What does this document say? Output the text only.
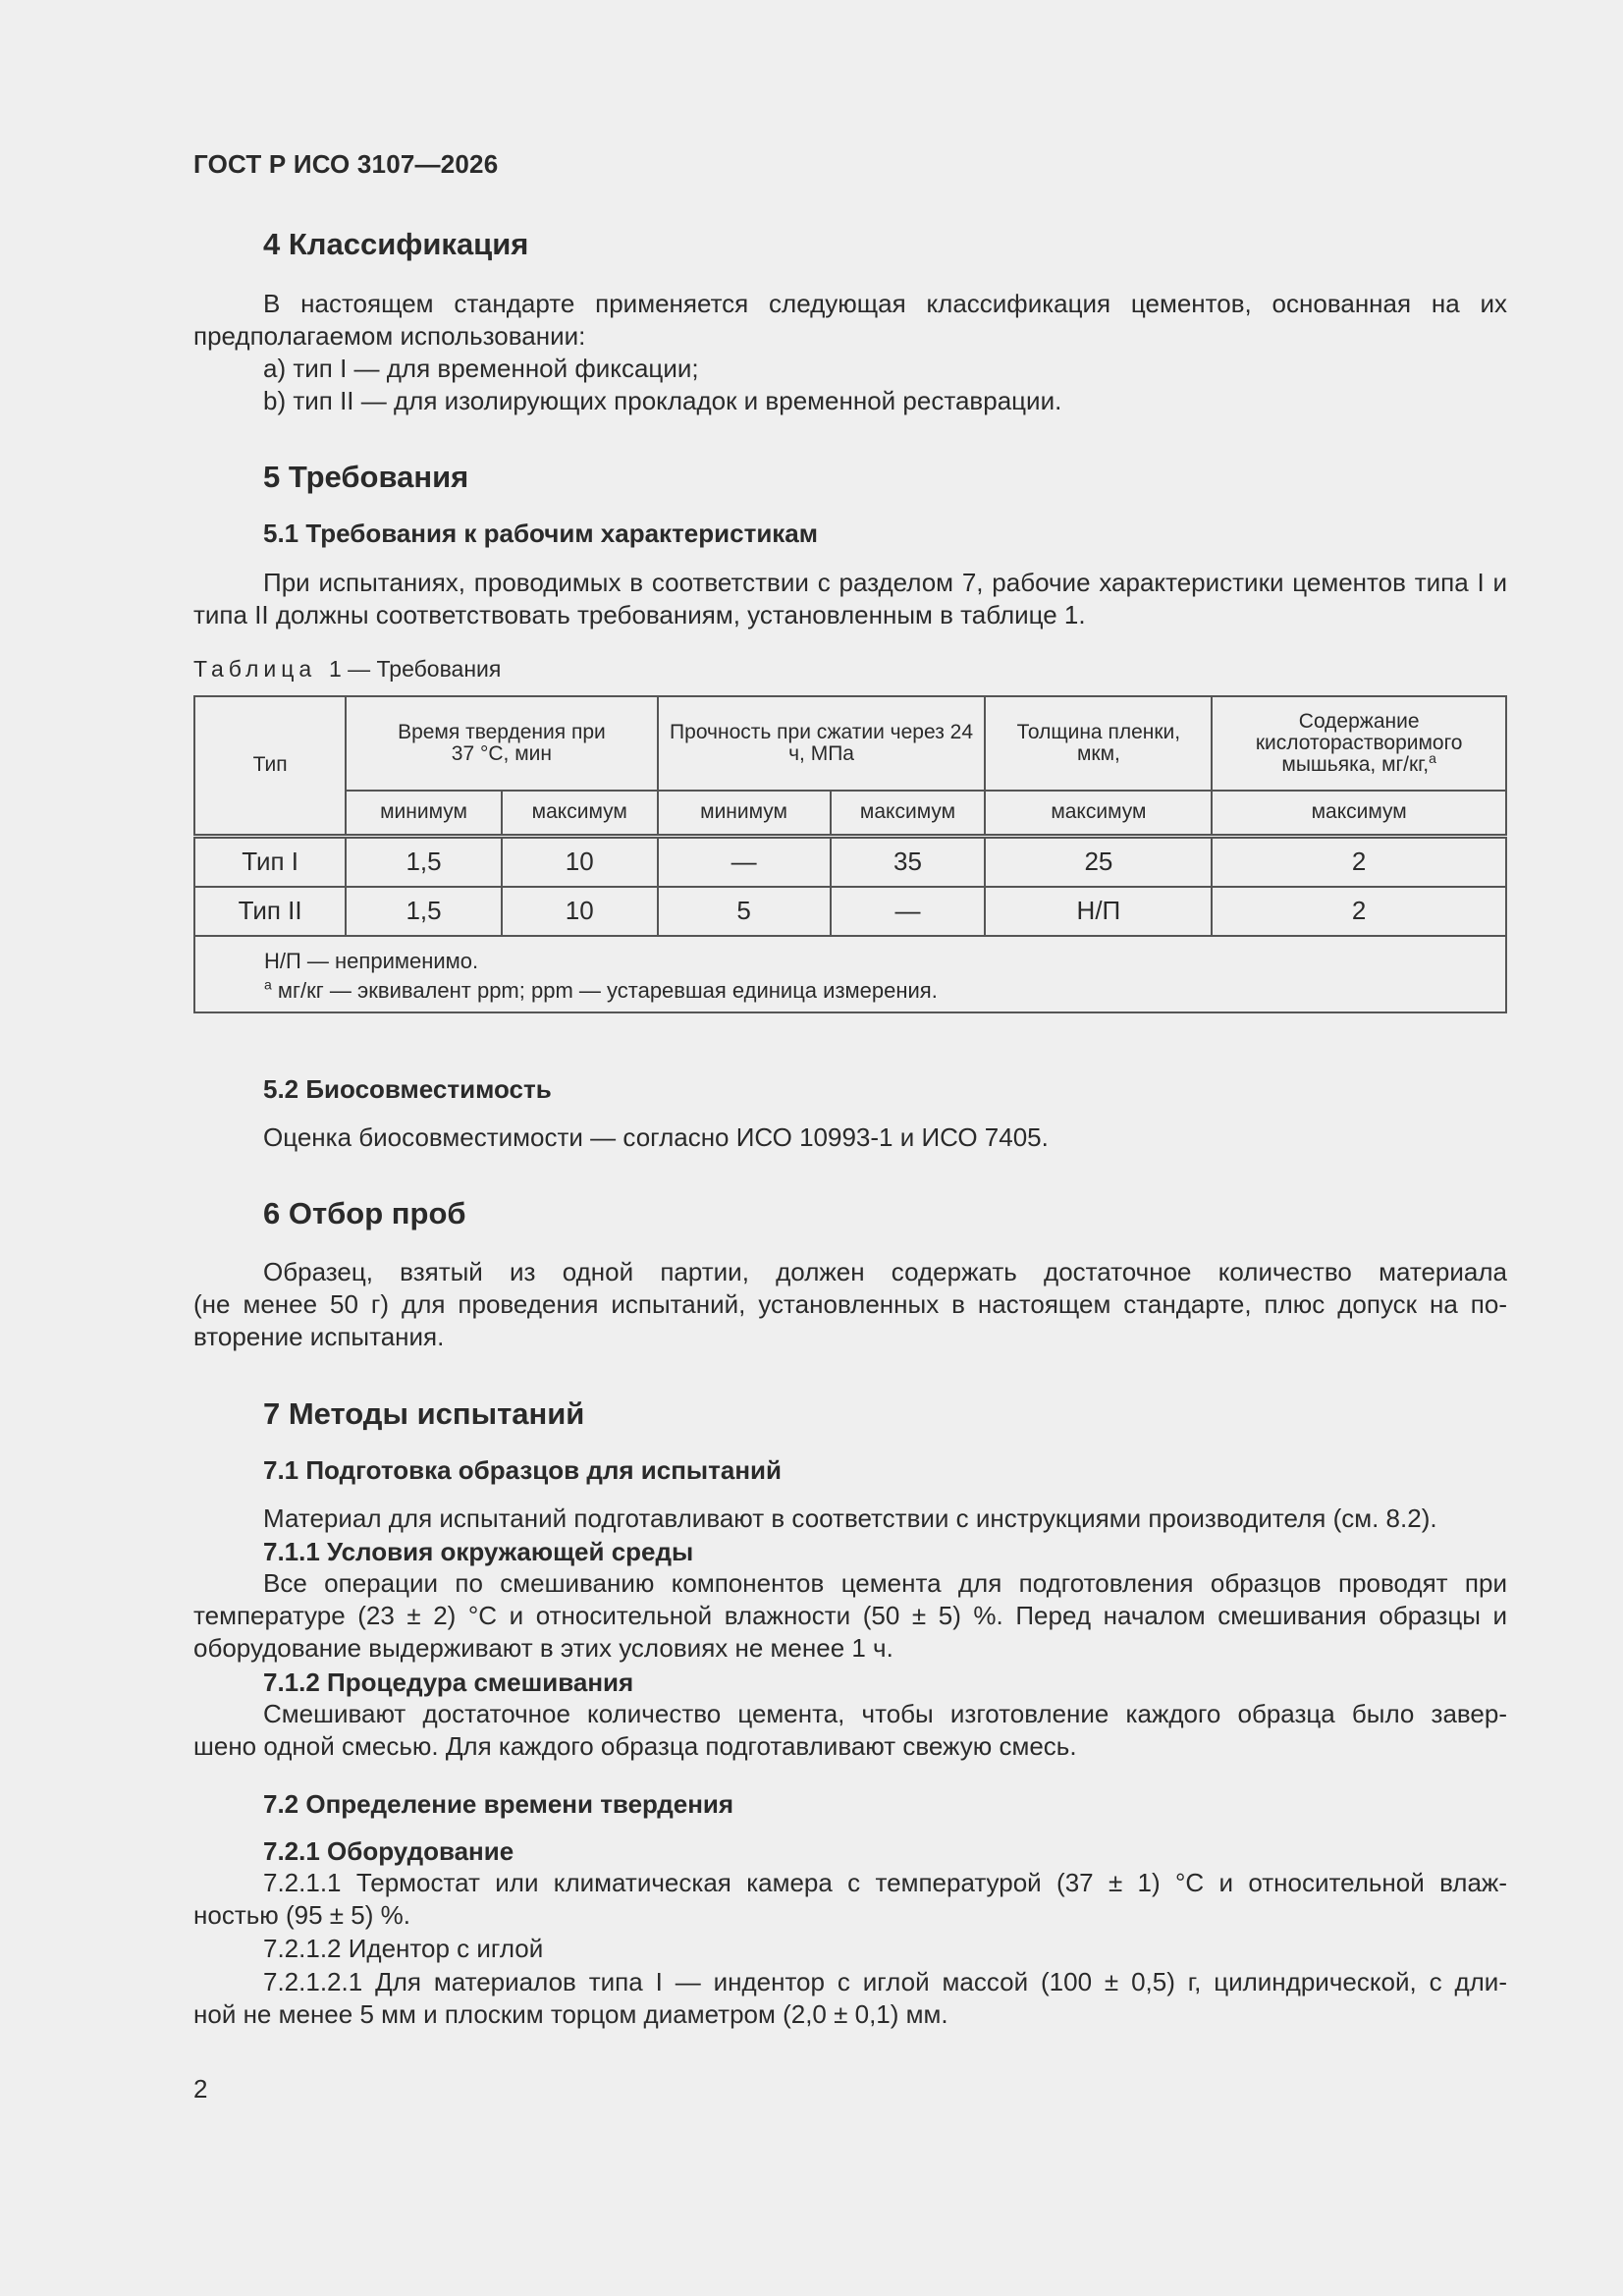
ГОСТ Р ИСО 3107—2026
4 Классификация

В настоящем стандарте применяется следующая классификация цементов, основанная на их предполагаемом использовании:

a) тип I — для временной фиксации;

b) тип II — для изолирующих прокладок и временной реставрации.

5 Требования
5.1 Требования к рабочим характеристикам

При испытаниях, проводимых в соответствии с разделом 7, рабочие характеристики цементов типа I и типа II должны соответствовать требованиям, установленным в таблице 1.

Таблица 1 — Требования
Тип	Время твердения при 37 °C, мин		Прочность при сжатии через 24 ч, МПа		Толщина пленки, мкм,	Содержание кислоторастворимого мышьяка, мг/кг,$^a$

	минимум	максимум	минимум	максимум	максимум	максимум
Тип I	1,5	10	—	35	25	2
Тип II	1,5	10	5	—	Н/П	2

Н/П — неприменимо.
$^a$ мг/кг — эквивалент ppm; ppm — устаревшая единица измерения.						
5.2 Биосовместимость

Оценка биосовместимости — согласно ИСО 10993-1 и ИСО 7405.

6 Отбор проб

Образец, взятый из одной партии, должен содержать достаточное количество материала

(не менее 50 г) для проведения испытаний, установленных в настоящем стандарте, плюс допуск на по-

вторение испытания.

7 Методы испытаний
7.1 Подготовка образцов для испытаний

Материал для испытаний подготавливают в соответствии с инструкциями производителя (см. 8.2).

7.1.1 Условия окружающей среды

Все операции по смешиванию компонентов цемента для подготовления образцов проводят при

температуре (23 ± 2) °C и относительной влажности (50 ± 5) %. Перед началом смешивания образцы и

оборудование выдерживают в этих условиях не менее 1 ч.

7.1.2 Процедура смешивания

Смешивают достаточное количество цемента, чтобы изготовление каждого образца было завер-

шено одной смесью. Для каждого образца подготавливают свежую смесь.

7.2 Определение времени твердения
7.2.1 Оборудование

7.2.1.1 Термостат или климатическая камера с температурой (37 ± 1) °C и относительной влаж-

ностью (95 ± 5) %.

7.2.1.2 Идентор с иглой

7.2.1.2.1 Для материалов типа I — индентор с иглой массой (100 ± 0,5) г, цилиндрической, с дли-

ной не менее 5 мм и плоским торцом диаметром (2,0 ± 0,1) мм.

2
